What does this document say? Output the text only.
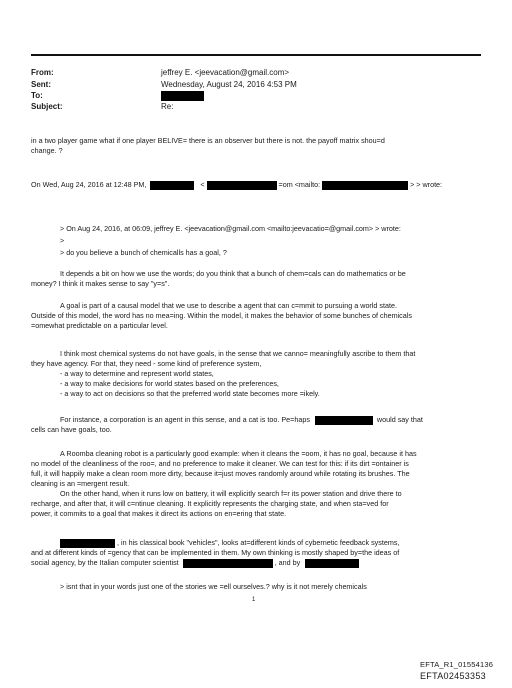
From:	jeffrey E. <jeevacation@gmail.com>
Sent:	Wednesday, August 24, 2016 4:53 PM
To:
Subject:	Re:
in a two player game what if one player BELIVE= there is an observer but there is not. the payoff matrix shou=d
change. ?
On Wed, Aug 24, 2016 at 12:48 PM,	<	=om <mailto:	> > wrote:
> On Aug 24, 2016, at 06:09, jeffrey E. <jeevacation@gmail.com <mailto:jeevacatio=@gmail.com> > wrote:
>
> do you believe a bunch of chemicalls has a goal, ?
It depends a bit on how we use the words; do you think that a bunch of chem=cals can do mathematics or be
money? I think it makes sense to say "y=s".
A goal is part of a causal model that we use to describe a agent that can c=mmit to pursuing a world state.
Outside of this model, the word has no mea=ing. Within the model, it makes the behavior of some bunches of chemicals
=omewhat predictable on a particular level.
I think most chemical systems do not have goals, in the sense that we canno= meaningfully ascribe to them that
they have agency. For that, they need - some kind of preference system,
- a way to determine and represent world states,
- a way to make decisions for world states based on the preferences,
- a way to act on decisions so that the preferred world state becomes more =ikely.
For instance, a corporation is an agent in this sense, and a cat is too. Pe=haps	would say that
cells can have goals, too.
A Roomba cleaning robot is a particularly good example: when it cleans the =oom, it has no goal, because it has
no model of the cleanliness of the roo=, and no preference to make it cleaner. We can test for this: if its dirt =ontainer is
full, it will happily make a clean room more dirty, because it=just moves randomly around while rotating its brushes. The
cleaning is an =mergent result.
On the other hand, when it runs low on battery, it will explicitly search f=r its power station and drive there to
recharge, and after that, it will c=ntinue cleaning. It explicitly represents the charging state, and when sta=ved for
power, it commits to a goal that makes it direct its actions on en=ering that state.
, in his classical book "vehicles", looks at=different kinds of cybernetic feedback systems,
and at different kinds of =gency that can be implemented in them. My own thinking is mostly shaped by=the ideas of
social agency, by the Italian computer scientist	, and by
> isnt that in your words just one of the stories we =ell ourselves.? why is it not merely chemicals
1
EFTA_R1_01554136
EFTA02453353
